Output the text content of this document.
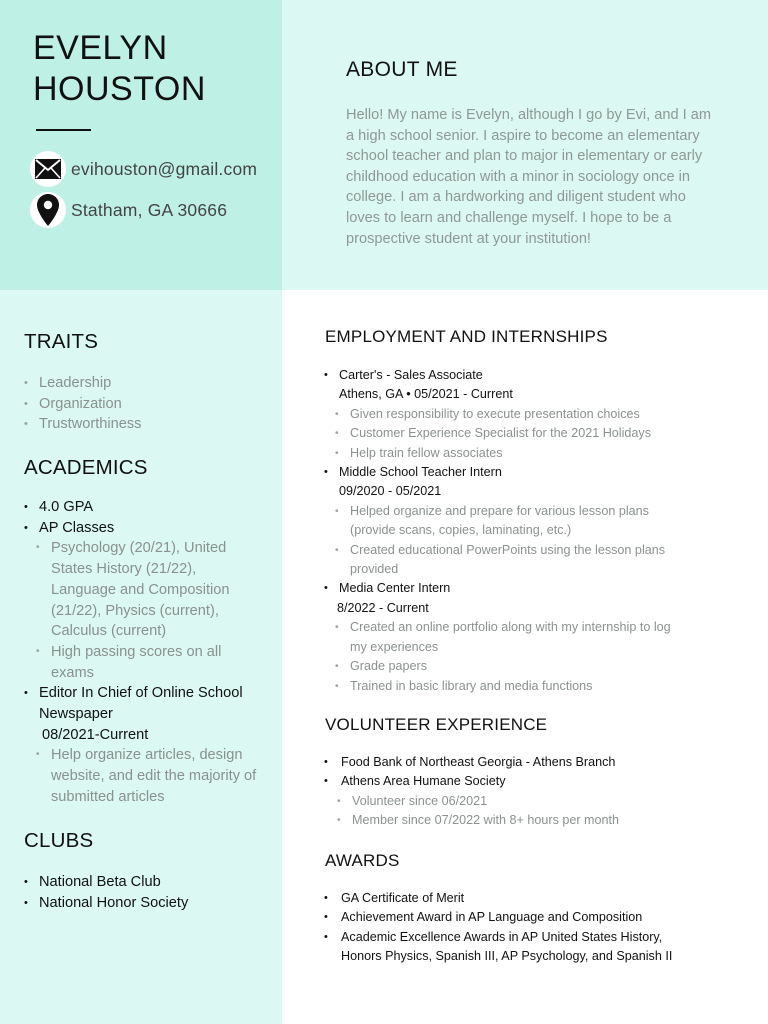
EVELYN
HOUSTON
evihouston@gmail.com
Statham, GA 30666
ABOUT ME
Hello! My name is Evelyn, although I go by Evi, and I am a high school senior. I aspire to become an elementary school teacher and plan to major in elementary or early childhood education with a minor in sociology once in college. I am a hardworking and diligent student who loves to learn and challenge myself. I hope to be a prospective student at your institution!
TRAITS
• Leadership
• Organization
• Trustworthiness
ACADEMICS
• 4.0 GPA
• AP Classes
• Psychology (20/21), United States History (21/22), Language and Composition (21/22), Physics (current), Calculus (current)
• High passing scores on all exams
• Editor In Chief of Online School Newspaper
08/2021-Current
• Help organize articles, design website, and edit the majority of submitted articles
CLUBS
• National Beta Club
• National Honor Society
EMPLOYMENT AND INTERNSHIPS
• Carter's - Sales Associate
Athens, GA • 05/2021 - Current
• Given responsibility to execute presentation choices
• Customer Experience Specialist for the 2021 Holidays
• Help train fellow associates
• Middle School Teacher Intern
09/2020 - 05/2021
• Helped organize and prepare for various lesson plans (provide scans, copies, laminating, etc.)
• Created educational PowerPoints using the lesson plans provided
• Media Center Intern
8/2022 - Current
• Created an online portfolio along with my internship to log my experiences
• Grade papers
• Trained in basic library and media functions
VOLUNTEER EXPERIENCE
• Food Bank of Northeast Georgia - Athens Branch
• Athens Area Humane Society
• Volunteer since 06/2021
• Member since 07/2022 with 8+ hours per month
AWARDS
• GA Certificate of Merit
• Achievement Award in AP Language and Composition
• Academic Excellence Awards in AP United States History, Honors Physics, Spanish III, AP Psychology, and Spanish II
